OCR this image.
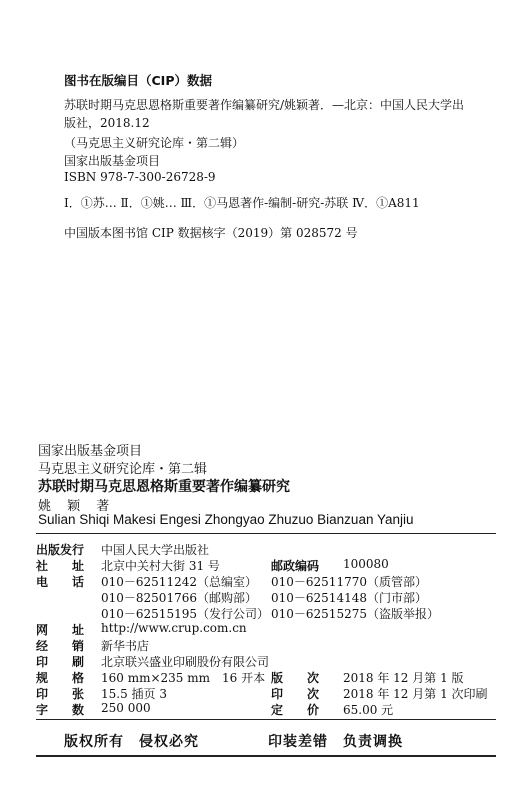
图书在版编目（CIP）数据
苏联时期马克思恩格斯重要著作编纂研究/姚颖著．—北京：中国人民大学出
版社，2018.12
（马克思主义研究论库・第二辑）
国家出版基金项目
ISBN 978-7-300-26728-9
Ⅰ．①苏… Ⅱ．①姚… Ⅲ．①马恩著作-编制-研究-苏联 Ⅳ．①A811
中国版本图书馆 CIP 数据核字（2019）第 028572 号
国家出版基金项目
马克思主义研究论库・第二辑
苏联时期马克思恩格斯重要著作编纂研究
姚 颖 著
Sulian Shiqi Makesi Engesi Zhongyao Zhuzuo Bianzuan Yanjiu
出版发行 中国人民大学出版社
社　　址 北京中关村大街 31 号	邮政编码 100080
电　　话 010－62511242（总编室） 010－62511770（质管部）
010－82501766（邮购部） 010－62514148（门市部）
010－62515195（发行公司） 010－62515275（盗版举报）
网　　址 http://www.crup.com.cn
经　　销 新华书店
印　　刷 北京联兴盛业印刷股份有限公司
规　　格 160 mm×235 mm　16 开本 版　　次 2018 年 12 月第 1 版
印　　张 15.5 插页 3	印　　次 2018 年 12 月第 1 次印刷
字　　数 250 000	定　　价 65.00 元
版权所有　侵权必究	印装差错　负责调换
